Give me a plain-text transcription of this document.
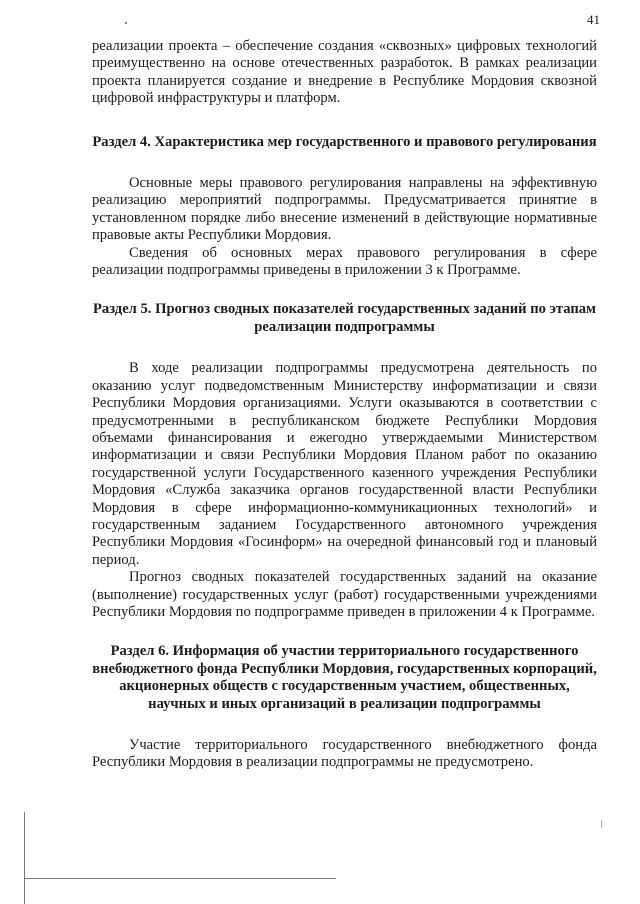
41

реализации проекта – обеспечение создания «сквозных» цифровых технологий преимущественно на основе отечественных разработок. В рамках реализации проекта планируется создание и внедрение в Республике Мордовия сквозной цифровой инфраструктуры и платформ.

Раздел 4. Характеристика мер государственного и правового регулирования

Основные меры правового регулирования направлены на эффективную реализацию мероприятий подпрограммы. Предусматривается принятие в установленном порядке либо внесение изменений в действующие нормативные правовые акты Республики Мордовия.

Сведения об основных мерах правового регулирования в сфере реализации подпрограммы приведены в приложении 3 к Программе.

Раздел 5. Прогноз сводных показателей государственных заданий по этапам реализации подпрограммы

В ходе реализации подпрограммы предусмотрена деятельность по оказанию услуг подведомственным Министерству информатизации и связи Республики Мордовия организациями. Услуги оказываются в соответствии с предусмотренными в республиканском бюджете Республики Мордовия объемами финансирования и ежегодно утверждаемыми Министерством информатизации и связи Республики Мордовия Планом работ по оказанию государственной услуги Государственного казенного учреждения Республики Мордовия «Служба заказчика органов государственной власти Республики Мордовия в сфере информационно-коммуникационных технологий» и государственным заданием Государственного автономного учреждения Республики Мордовия «Госинформ» на очередной финансовый год и плановый период.

Прогноз сводных показателей государственных заданий на оказание (выполнение) государственных услуг (работ) государственными учреждениями Республики Мордовия по подпрограмме приведен в приложении 4 к Программе.

Раздел 6. Информация об участии территориального государственного внебюджетного фонда Республики Мордовия, государственных корпораций, акционерных обществ с государственным участием, общественных, научных и иных организаций в реализации подпрограммы

Участие территориального государственного внебюджетного фонда Республики Мордовия в реализации подпрограммы не предусмотрено.
